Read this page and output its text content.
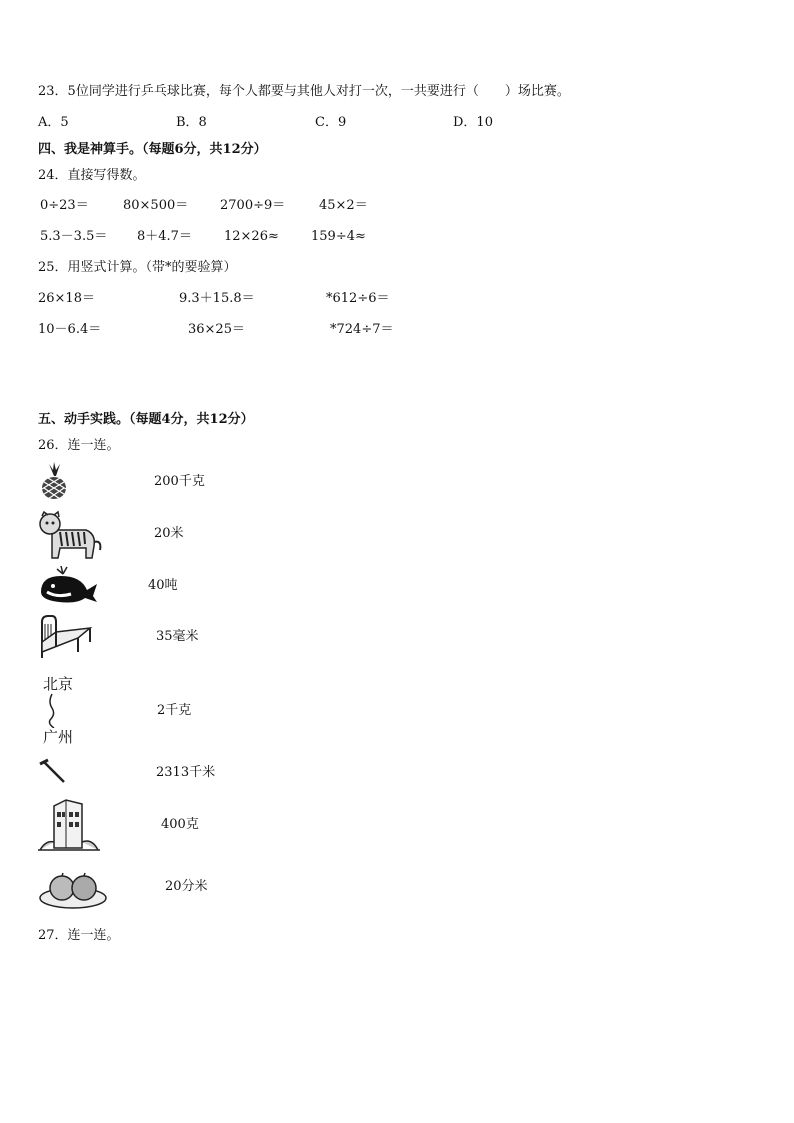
23．5位同学进行乒乓球比赛，每个人都要与其他人对打一次，一共要进行（　　）场比赛。
A．5	B．8	C．9	D．10
四、我是神算手。（每题6分，共12分）
24．直接写得数。
0÷23＝	80×500＝ 2700÷9＝	45×2＝
5.3－3.5＝ 8＋4.7＝ 12×26≈ 159÷4≈
25．用竖式计算。（带*的要验算）
26×18＝	9.3＋15.8＝	*612÷6＝
10－6.4＝	36×25＝	*724÷7＝
五、动手实践。（每题4分，共12分）
26．连一连。
200千克
20米
40吨
35毫米
北京
广州
2千克
2313千米
400克
20分米
27．连一连。
